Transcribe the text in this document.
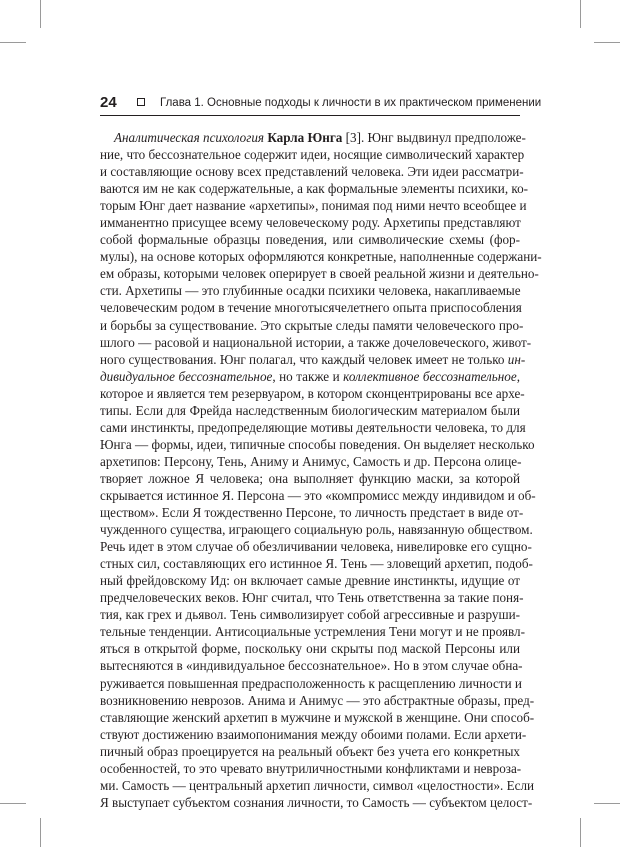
24	Глава 1. Основные подходы к личности в их практическом применении
Аналитическая психология Карла Юнга [3]. Юнг выдвинул предположе-
ние, что бессознательное содержит идеи, носящие символический характер
и составляющие основу всех представлений человека. Эти идеи рассматри-
ваются им не как содержательные, а как формальные элементы психики, ко-
торым Юнг дает название «архетипы», понимая под ними нечто всеобщее и
имманентно присущее всему человеческому роду. Архетипы представляют
собой формальные образцы поведения, или символические схемы (фор-
мулы), на основе которых оформляются конкретные, наполненные содержани-
ем образы, которыми человек оперирует в своей реальной жизни и деятельно-
сти. Архетипы — это глубинные осадки психики человека, накапливаемые
человеческим родом в течение многотысячелетнего опыта приспособления
и борьбы за существование. Это скрытые следы памяти человеческого про-
шлого — расовой и национальной истории, а также дочеловеческого, живот-
ного существования. Юнг полагал, что каждый человек имеет не только ин-
дивидуальное бессознательное, но также и коллективное бессознательное,
которое и является тем резервуаром, в котором сконцентрированы все архе-
типы. Если для Фрейда наследственным биологическим материалом были
сами инстинкты, предопределяющие мотивы деятельности человека, то для
Юнга — формы, идеи, типичные способы поведения. Он выделяет несколько
архетипов: Персону, Тень, Аниму и Анимус, Самость и др. Персона олице-
творяет ложное Я человека; она выполняет функцию маски, за которой
скрывается истинное Я. Персона — это «компромисс между индивидом и об-
ществом». Если Я тождественно Персоне, то личность предстает в виде от-
чужденного существа, играющего социальную роль, навязанную обществом.
Речь идет в этом случае об обезличивании человека, нивелировке его сущно-
стных сил, составляющих его истинное Я. Тень — зловещий архетип, подоб-
ный фрейдовскому Ид: он включает самые древние инстинкты, идущие от
предчеловеческих веков. Юнг считал, что Тень ответственна за такие поня-
тия, как грех и дьявол. Тень символизирует собой агрессивные и разруши-
тельные тенденции. Антисоциальные устремления Тени могут и не проявл-
яться в открытой форме, поскольку они скрыты под маской Персоны или
вытесняются в «индивидуальное бессознательное». Но в этом случае обна-
руживается повышенная предрасположенность к расщеплению личности и
возникновению неврозов. Анима и Анимус — это абстрактные образы, пред-
ставляющие женский архетип в мужчине и мужской в женщине. Они способ-
ствуют достижению взаимопонимания между обоими полами. Если архети-
пичный образ проецируется на реальный объект без учета его конкретных
особенностей, то это чревато внутриличностными конфликтами и невроза-
ми. Самость — центральный архетип личности, символ «целостности». Если
Я выступает субъектом сознания личности, то Самость — субъектом целост-
